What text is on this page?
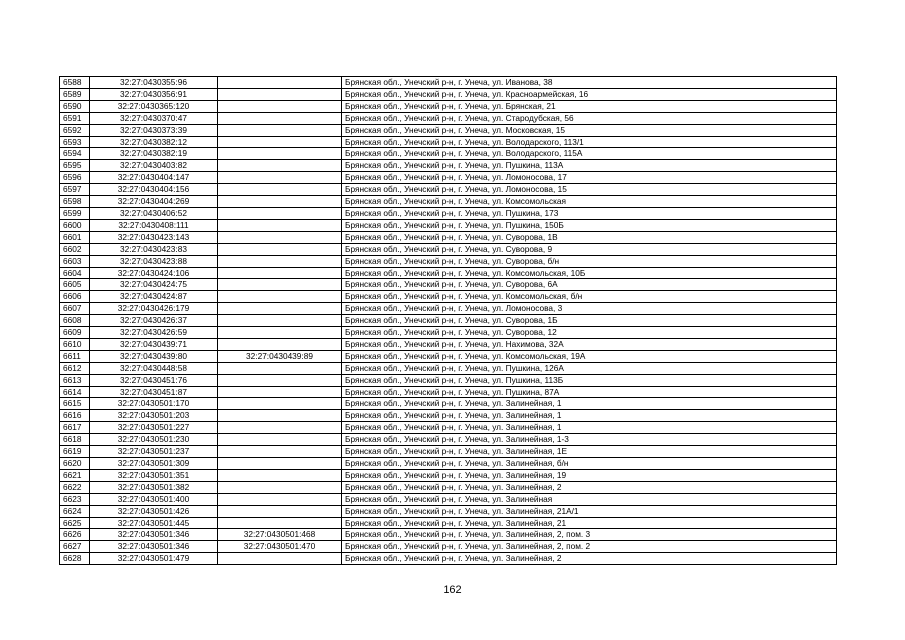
6588	32:27:0430355:96		Брянская обл., Унечский р-н, г. Унеча, ул. Иванова, 38
6589	32:27:0430356:91		Брянская обл., Унечский р-н, г. Унеча, ул. Красноармейская, 16
6590	32:27:0430365:120		Брянская обл., Унечский р-н, г. Унеча, ул. Брянская, 21
6591	32:27:0430370:47		Брянская обл., Унечский р-н, г. Унеча, ул. Стародубская, 56
6592	32:27:0430373:39		Брянская обл., Унечский р-н, г. Унеча, ул. Московская, 15
6593	32:27:0430382:12		Брянская обл., Унечский р-н, г. Унеча, ул. Володарского, 113/1
6594	32:27:0430382:19		Брянская обл., Унечский р-н, г. Унеча, ул. Володарского, 115А
6595	32:27:0430403:82		Брянская обл., Унечский р-н, г. Унеча, ул. Пушкина, 113А
6596	32:27:0430404:147		Брянская обл., Унечский р-н, г. Унеча, ул. Ломоносова, 17
6597	32:27:0430404:156		Брянская обл., Унечский р-н, г. Унеча, ул. Ломоносова, 15
6598	32:27:0430404:269		Брянская обл., Унечский р-н, г. Унеча, ул. Комсомольская
6599	32:27:0430406:52		Брянская обл., Унечский р-н, г. Унеча, ул. Пушкина, 173
6600	32:27:0430408:111		Брянская обл., Унечский р-н, г. Унеча, ул. Пушкина, 150Б
6601	32:27:0430423:143		Брянская обл., Унечский р-н, г. Унеча, ул. Суворова, 1В
6602	32:27:0430423:83		Брянская обл., Унечский р-н, г. Унеча, ул. Суворова, 9
6603	32:27:0430423:88		Брянская обл., Унечский р-н, г. Унеча, ул. Суворова, б/н
6604	32:27:0430424:106		Брянская обл., Унечский р-н, г. Унеча, ул. Комсомольская, 10Б
6605	32:27:0430424:75		Брянская обл., Унечский р-н, г. Унеча, ул. Суворова, 6А
6606	32:27:0430424:87		Брянская обл., Унечский р-н, г. Унеча, ул. Комсомольская, б/н
6607	32:27:0430426:179		Брянская обл., Унечский р-н, г. Унеча, ул. Ломоносова, 3
6608	32:27:0430426:37		Брянская обл., Унечский р-н, г. Унеча, ул. Суворова, 1Б
6609	32:27:0430426:59		Брянская обл., Унечский р-н, г. Унеча, ул. Суворова, 12
6610	32:27:0430439:71		Брянская обл., Унечский р-н, г. Унеча, ул. Нахимова, 32А
6611	32:27:0430439:80	32:27:0430439:89	Брянская обл., Унечский р-н, г. Унеча, ул. Комсомольская, 19А
6612	32:27:0430448:58		Брянская обл., Унечский р-н, г. Унеча, ул. Пушкина, 126А
6613	32:27:0430451:76		Брянская обл., Унечский р-н, г. Унеча, ул. Пушкина, 113Б
6614	32:27:0430451:87		Брянская обл., Унечский р-н, г. Унеча, ул. Пушкина, 87А
6615	32:27:0430501:170		Брянская обл., Унечский р-н, г. Унеча, ул. Залинейная, 1
6616	32:27:0430501:203		Брянская обл., Унечский р-н, г. Унеча, ул. Залинейная, 1
6617	32:27:0430501:227		Брянская обл., Унечский р-н, г. Унеча, ул. Залинейная, 1
6618	32:27:0430501:230		Брянская обл., Унечский р-н, г. Унеча, ул. Залинейная, 1-3
6619	32:27:0430501:237		Брянская обл., Унечский р-н, г. Унеча, ул. Залинейная, 1Е
6620	32:27:0430501:309		Брянская обл., Унечский р-н, г. Унеча, ул. Залинейная, б/н
6621	32:27:0430501:351		Брянская обл., Унечский р-н, г. Унеча, ул. Залинейная, 19
6622	32:27:0430501:382		Брянская обл., Унечский р-н, г. Унеча, ул. Залинейная, 2
6623	32:27:0430501:400		Брянская обл., Унечский р-н, г. Унеча, ул. Залинейная
6624	32:27:0430501:426		Брянская обл., Унечский р-н, г. Унеча, ул. Залинейная, 21А/1
6625	32:27:0430501:445		Брянская обл., Унечский р-н, г. Унеча, ул. Залинейная, 21
6626	32:27:0430501:346	32:27:0430501:468	Брянская обл., Унечский р-н, г. Унеча, ул. Залинейная, 2, пом. 3
6627	32:27:0430501:346	32:27:0430501:470	Брянская обл., Унечский р-н, г. Унеча, ул. Залинейная, 2, пом. 2
6628	32:27:0430501:479		Брянская обл., Унечский р-н, г. Унеча, ул. Залинейная, 2
162
